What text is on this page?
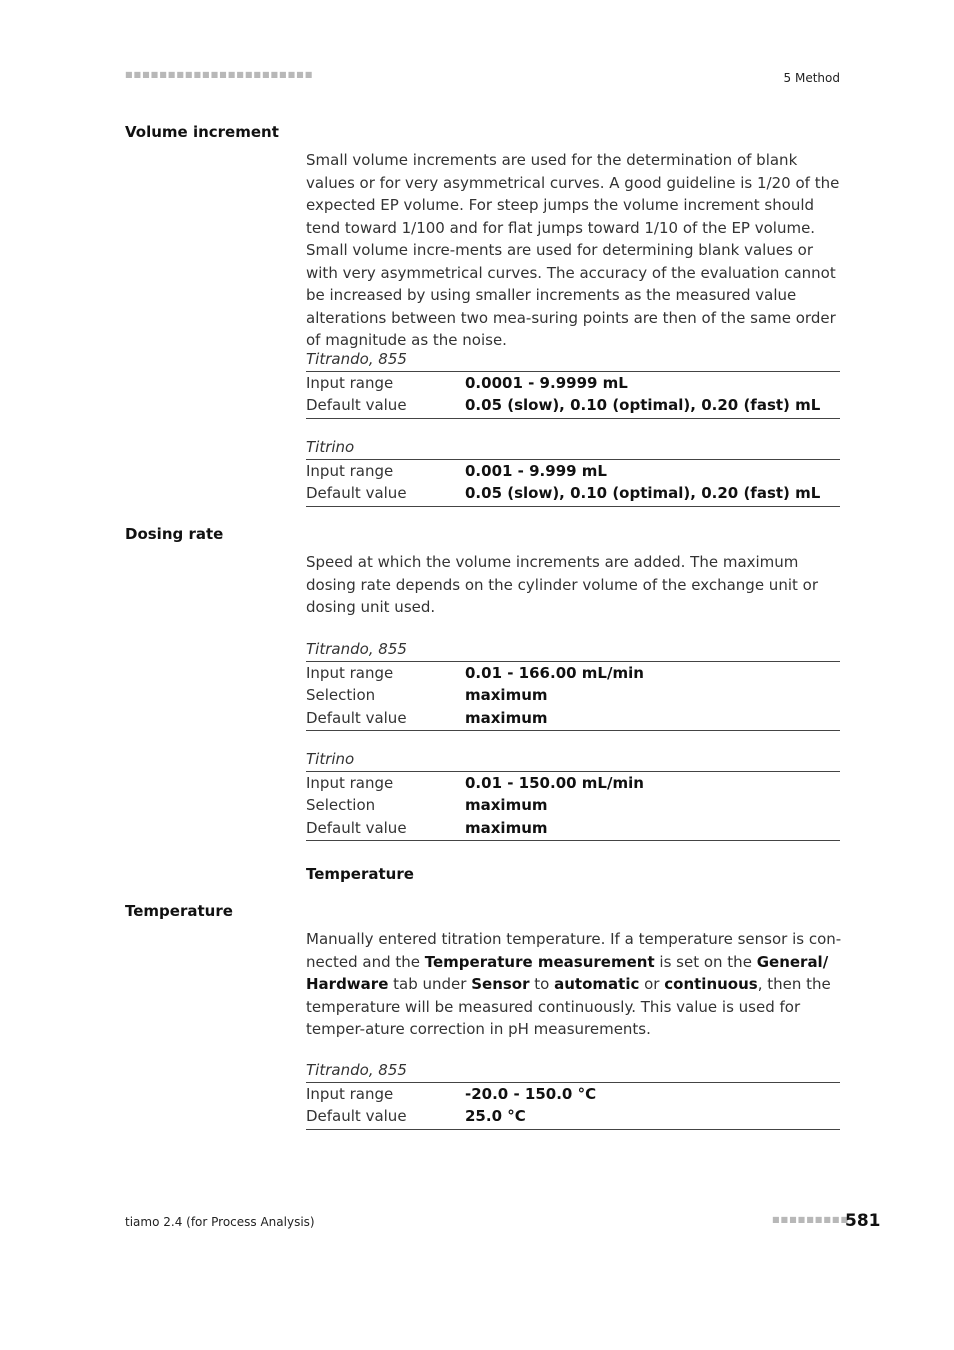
■■■■■■■■■■■■■■■■■■■■■■	5 Method
Volume increment
Small volume increments are used for the determination of blank values or for very asymmetrical curves. A good guideline is 1/20 of the expected EP volume. For steep jumps the volume increment should tend toward 1/100 and for flat jumps toward 1/10 of the EP volume. Small volume incre-ments are used for determining blank values or with very asymmetrical curves. The accuracy of the evaluation cannot be increased by using smaller increments as the measured value alterations between two mea-suring points are then of the same order of magnitude as the noise.
Titrando, 855
Input range	0.0001 - 9.9999 mL
Default value	0.05 (slow), 0.10 (optimal), 0.20 (fast) mL
Titrino
Input range	0.001 - 9.999 mL
Default value	0.05 (slow), 0.10 (optimal), 0.20 (fast) mL
Dosing rate
Speed at which the volume increments are added. The maximum dosing rate depends on the cylinder volume of the exchange unit or dosing unit used.
Titrando, 855
Input range	0.01 - 166.00 mL/min
Selection	maximum
Default value	maximum
Titrino
Input range	0.01 - 150.00 mL/min
Selection	maximum
Default value	maximum
Temperature
Temperature
Manually entered titration temperature. If a temperature sensor is con-nected and the Temperature measurement is set on the General/ Hardware tab under Sensor to automatic or continuous, then the temperature will be measured continuously. This value is used for temper-ature correction in pH measurements.
Titrando, 855
Input range	-20.0 - 150.0 °C
Default value	25.0 °C
tiamo 2.4 (for Process Analysis)	■■■■■■■■■
581
